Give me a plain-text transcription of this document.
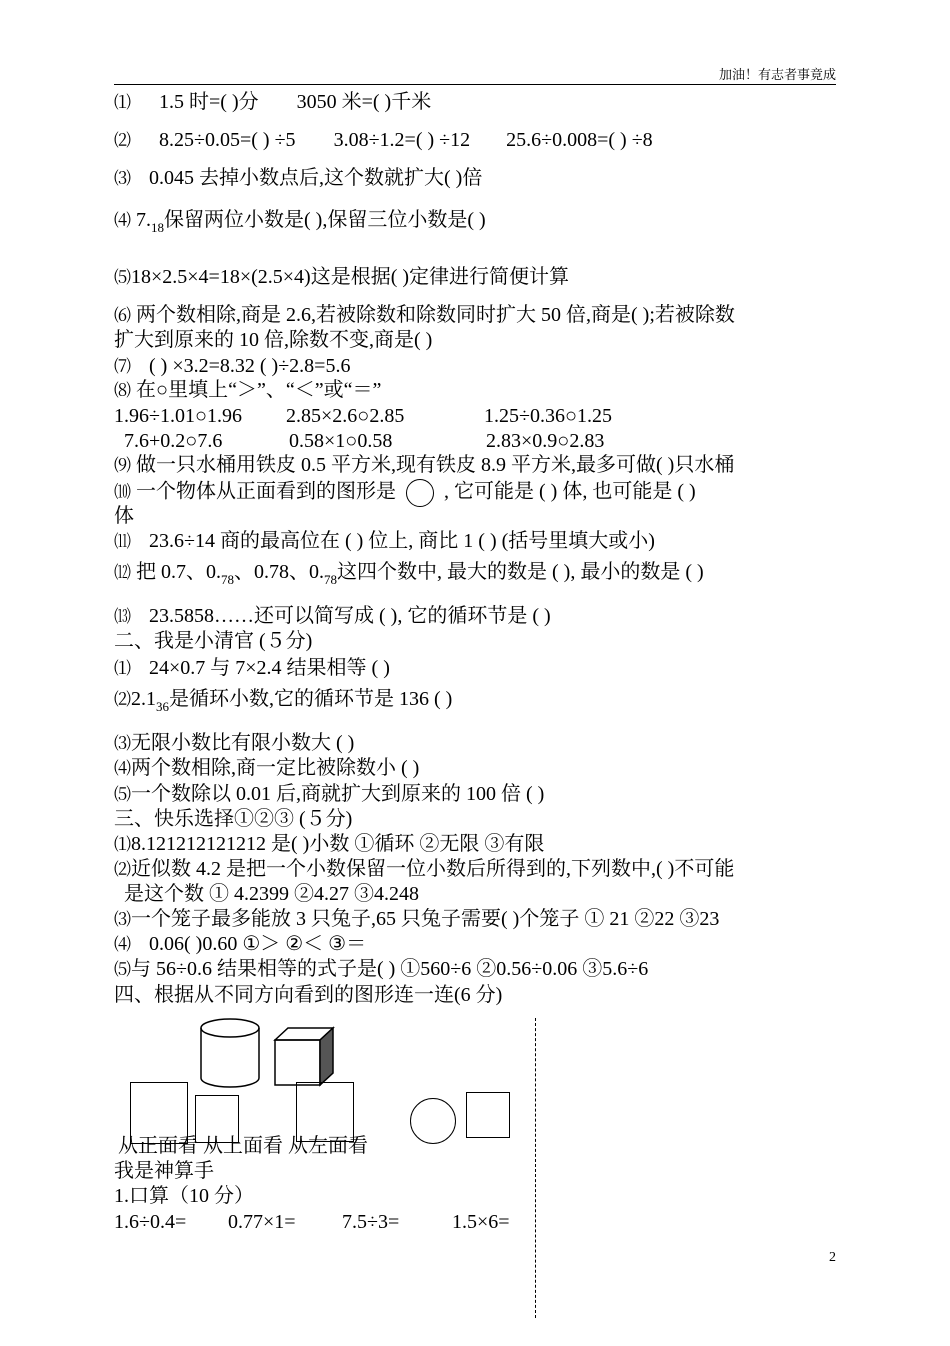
加油！有志者事竟成
⑴ 1.5 时=( )分 3050 米=( )千米
⑵ 8.25÷0.05=( ) ÷5 3.08÷1.2=( ) ÷12 25.6÷0.008=( ) ÷8
⑶ 0.045 去掉小数点后,这个数就扩大( )倍
⑷ $7._{18}$保留两位小数是( ),保留三位小数是( )
⑸18×2.5×4=18×(2.5×4)这是根据( )定律进行简便计算
⑹ 两个数相除,商是 2.6,若被除数和除数同时扩大 50 倍,商是( );若被除数
扩大到原来的 10 倍,除数不变,商是( )
⑺ ( ) ×3.2=8.32 ( )÷2.8=5.6
⑻ 在○里填上“＞”、“＜”或“＝”
1.96÷1.01○1.96 2.85×2.6○2.85	1.25÷0.36○1.25
7.6+0.2○7.6	0.58×1○0.58	2.83×0.9○2.83
⑼ 做一只水桶用铁皮 0.5 平方米,现有铁皮 8.9 平方米,最多可做( )只水桶
⑽ 一个物体从正面看到的图形是 , 它可能是 ( ) 体, 也可能是 ( )
体
⑾ 23.6÷14 商的最高位在 ( ) 位上, 商比 1 ( ) (括号里填大或小)
⑿ 把 0.7、$0._{78}$、0.78、$0._{78}$这四个数中, 最大的数是 ( ), 最小的数是 ( )
⒀ 23.5858……还可以简写成 ( ), 它的循环节是 ( )
二、我是小清官 (５分)
⑴ 24×0.7 与 7×2.4 结果相等 ( )
$⑵2.1_{36}$是循环小数,它的循环节是 136 ( )
⑶无限小数比有限小数大 ( )
⑷两个数相除,商一定比被除数小 ( )
⑸一个数除以 0.01 后,商就扩大到原来的 100 倍 ( )
三、快乐选择①②③ (５分)
⑴8.121212121212 是( )小数 ①循环 ②无限 ③有限
⑵近似数 4.2 是把一个小数保留一位小数后所得到的,下列数中,( )不可能
是这个数 ① 4.2399 ②4.27 ③4.248
⑶一个笼子最多能放 3 只兔子,65 只兔子需要( )个笼子 ① 21 ②22 ③23
⑷ 0.06( )0.60 ①＞ ②＜ ③＝
⑸与 56÷0.6 结果相等的式子是( ) ①560÷6 ②0.56÷0.06 ③5.6÷6
四、根据从不同方向看到的图形连一连(6 分)
从正面看 从上面看 从左面看
我是神算手
1.口算（10 分）
1.6÷0.4= 0.77×1= 7.5÷3=	1.5×6=
2
